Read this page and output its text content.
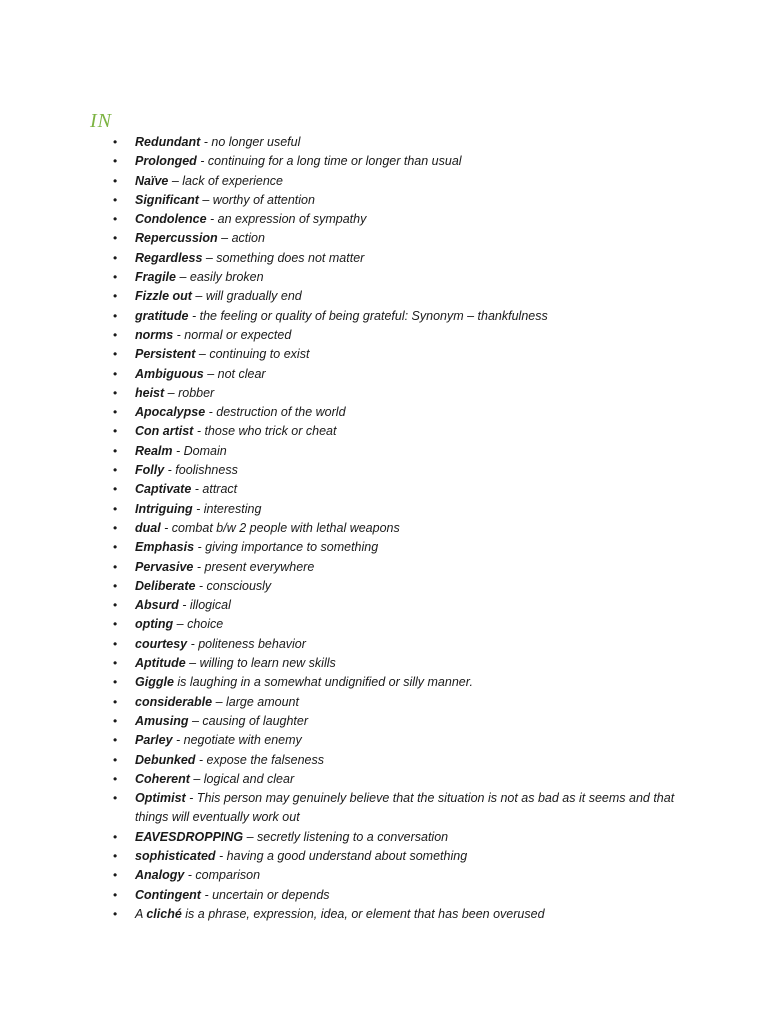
IN
• Redundant - no longer useful
• Prolonged - continuing for a long time or longer than usual
• Naïve – lack of experience
• Significant – worthy of attention
• Condolence - an expression of sympathy
• Repercussion – action
• Regardless – something does not matter
• Fragile – easily broken
• Fizzle out – will gradually end
• gratitude - the feeling or quality of being grateful: Synonym – thankfulness
• norms - normal or expected
• Persistent – continuing to exist
• Ambiguous – not clear
• heist – robber
• Apocalypse - destruction of the world
• Con artist - those who trick or cheat
• Realm - Domain
• Folly - foolishness
• Captivate - attract
• Intriguing - interesting
• dual - combat b/w 2 people with lethal weapons
• Emphasis - giving importance to something
• Pervasive - present everywhere
• Deliberate - consciously
• Absurd - illogical
• opting – choice
• courtesy - politeness behavior
• Aptitude – willing to learn new skills
• Giggle is laughing in a somewhat undignified or silly manner.
• considerable – large amount
• Amusing – causing of laughter
• Parley - negotiate with enemy
• Debunked - expose the falseness
• Coherent – logical and clear
• Optimist - This person may genuinely believe that the situation is not as bad as it seems and that things will eventually work out
• EAVESDROPPING – secretly listening to a conversation
• sophisticated - having a good understand about something
• Analogy - comparison
• Contingent - uncertain or depends
• A cliché is a phrase, expression, idea, or element that has been overused
